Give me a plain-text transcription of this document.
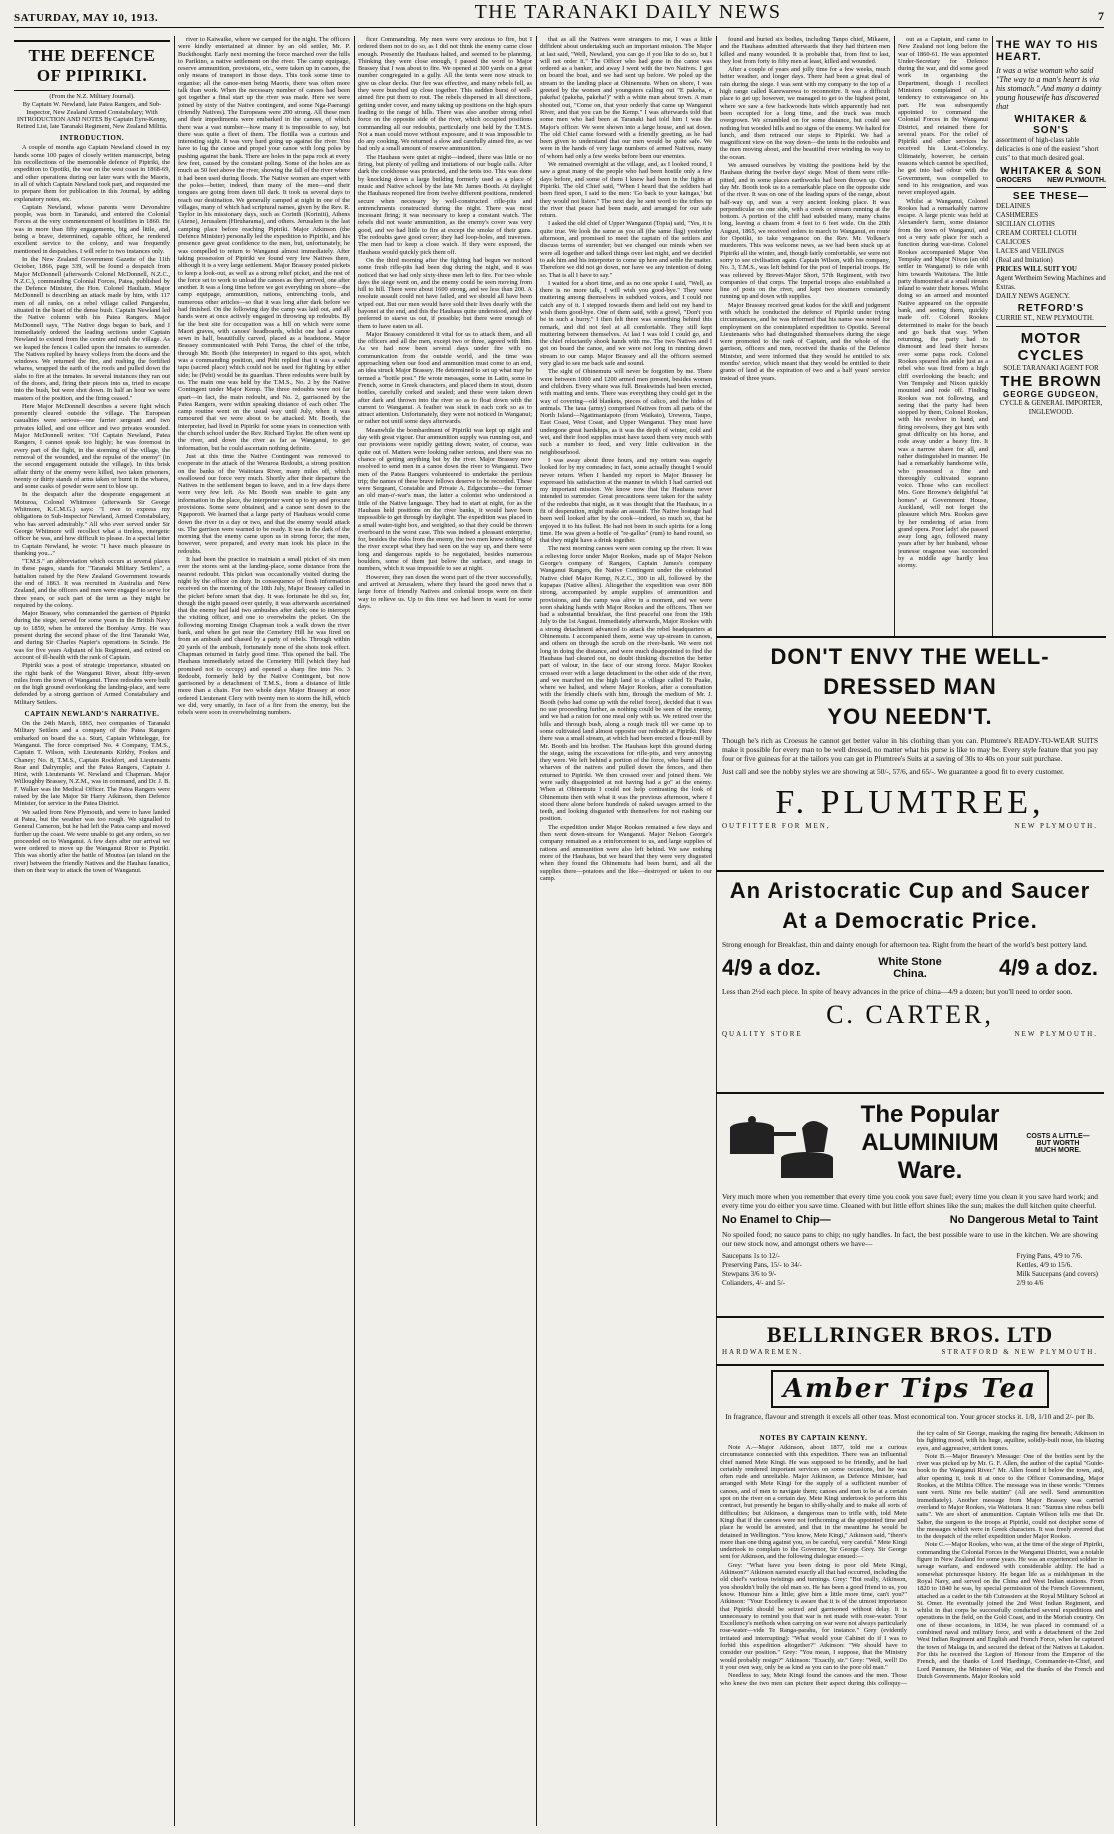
SATURDAY, MAY 10, 1913.	THE TARANAKI DAILY NEWS	7
THE DEFENCE OF PIPIRIKI.

(From the N.Z. Military Journal).

By Captain W. Newland, late Patea Rangers, and Sub-Inspector, New Zealand Armed Constabulary; With INTRODUCTION AND NOTES By Captain Eyre-Kenny, Retired List, late Taranaki Regiment, New Zealand Militia.

INTRODUCTION.

A couple of months ago Captain Newland closed in my hands some 100 pages of closely written manuscript, being his recollections of the memorable defence of Pipiriki, the expedition to Opotiki, the war on the west coast in 1868-69, and other operations during our later wars with the Maoris, in all of which Captain Newland took part, and requested me to prepare them for publication in this Journal, by adding explanatory notes, etc.

Captain Newland, whose parents were Devonshire people, was born in Taranaki, and entered the Colonial Forces at the very commencement of hostilities in 1860. He was in more than fifty engagements, big and little, and, being a brave, determined, capable officer, he rendered excellent service to the colony, and was frequently mentioned in despatches. I will refer to two instances only.

In the New Zealand Government Gazette of the 11th October, 1866, page 339, will be found a despatch from Major McDonnell (afterwards Colonel McDonnell, N.Z.C., N.Z.C.), commanding Colonial Forces, Patea, published by the Defence Minister, the Hon. Colonel Haultain. Major McDonnell is describing an attack made by him, with 117 men of all ranks, on a rebel village called Pungarehu, situated in the heart of the dense bush. Captain Newland led the Native column with his Patea Rangers. Major McDonnell says, "The Native dogs began to bark, and I immediately ordered the leading sections under Captain Newland to extend from the centre and rush the village. As we leaped the fences I called upon the inmates to surrender. The Natives replied by heavy volleys from the doors and the windows. We returned the fire, and rushing the fortified whares, wrapped the earth of the roofs and pulled down the slabs to fire at the inmates. In several instances they ran out of the doors, and, firing their pieces into us, tried to escape into the bush, but were shot down. In half an hour we were masters of the position, and the firing ceased."

Here Major McDonnell describes a severe fight which presently cleared outside the village. The European casualties were serious—one farrier sergeant and two privates killed, and one officer and two privates wounded. Major McDonnell writes: "Of Captain Newland, Patea Rangers, I cannot speak too highly; he was foremost in every part of the fight, in the storming of the village, the removal of the wounded, and the repulse of the enemy" (in the second engagement outside the village). In this brisk affair thirty of the enemy were killed, two taken prisoners, twenty or thirty stands of arms taken or burnt in the whares, and some casks of powder were sent to blow up.

In the despatch after the desperate engagement at Moturoa, Colonel Whitmore (afterwards Sir George Whitmore, K.C.M.G.) says: "I owe to express my obligations to Sub-Inspector Newland, Armed Constabulary, who has served admirably." All who ever served under Sir George Whitmore will recollect what a tireless, energetic officer he was, and how difficult to please. In a special letter to Captain Newland, he wrote: "I have much pleasure in thanking you..."

"T.M.S." an abbreviation which occurs at several places in these pages, stands for "Taranaki Military Settlers", a battalion raised by the New Zealand Government towards the end of 1863. It was recruited in Australia and New Zealand, and the officers and men were engaged to serve for three years, or such part of the term as they might be required by the colony.

Major Brassey, who commanded the garrison of Pipiriki during the siege, served for some years in the British Navy up to 1859, when he entered the Bombay Army. He was present during the second phase of the first Taranaki War, and during Sir Charles Napier's operations in Scinde. He was for five years Adjutant of his Regiment, and retired on account of ill-health with the rank of Captain.

Pipiriki was a post of strategic importance, situated on the right bank of the Wanganui River, about fifty-seven miles from the town of Wanganui. Three redoubts were built on the high ground overlooking the landing-place, and were defended by a strong garrison of Armed Constabulary and Military Settlers.

CAPTAIN NEWLAND'S NARRATIVE.

On the 24th March, 1865, two companies of Taranaki Military Settlers and a company of the Patea Rangers embarked on board the s.s. Sturt, Captain Whitelegge, for Wanganui. The force comprised No. 4 Company, T.M.S., Captain T. Wilson, with Lieutenants Kirkby, Fookes and Chaney; No. 8, T.M.S., Captain Rockfort, and Lieutenants Rear and Dalrymple; and the Patea Rangers, Captain J. Hirst, with Lieutenants W. Newland and Chapman. Major Willoughby Brassey, N.Z.M., was in command, and Dr. J. B. F. Walker was the Medical Officer. The Patea Rangers were raised by the late Major Sir Harry Atkinson, then Defence Minister, for service in the Patea District.

We sailed from New Plymouth, and were to have landed at Patea, but the weather was too rough. We signalled to General Cameron, but he had left the Patea camp and moved further up the coast. We were unable to get any orders, so we proceeded on to Wanganui. A few days after our arrival we were ordered to move up the Wanganui River to Pipiriki. This was shortly after the battle of Moutoa (an island on the river) between the friendly Natives and the Hauhau fanatics, then on their way to attack the town of Wanganui.

river to Kaiwaike, where we camped for the night. The officers were kindly entertained at dinner by an old settler, Mr. P. Buckthought. Early next morning the force marched over the hills to Parikino, a native settlement on the river. The camp equipage, reserve ammunition, provisions, etc., were taken up in canoes, the only means of transport in those days. This took some time to organise; all the canoe-men being Maoris, there was often more talk than work. When the necessary number of canoes had been got together a final start up the river was made. Here we were joined by sixty of the Native contingent, and some Nga-Paerangi (friendly Natives). The Europeans were 200 strong. All these men and their impediments were embarked in the canoes, of which there was a vast number—how many it is impossible to say, but there was quite a fleet of them. The flotilla was a curious and interesting sight. It was very hard going up against the river. You have to lug the canoe and propel your canoe with long poles by pushing against the bank. There are holes in the papa rock at every few feet, caused by the constant poling. Some of the holes are as much as 50 feet above the river, showing the fall of the river where it had been used during floods. The Native women are expert with the poles—better, indeed, than many of the men—and their tongues are going from dawn till dark. It took us several days to reach our destination. We generally camped at night in one of the villages, many of which had scriptural names, given by the Rev. R. Taylor in his missionary days, such as Corinth (Koriniti), Athens (Atene), Jerusalem (Hiruharama), and others. Jerusalem is the last camping place before reaching Pipiriki. Major Atkinson (the Defence Minister) personally led the expedition to Pipiriki, and his presence gave great confidence to the men, but, unfortunately, he was compelled to return to Wanganui almost immediately. After taking possession of Pipiriki we found very few Natives there, although it is a very large settlement. Major Brassey posted pickets to keep a look-out, as well as a strong relief picket, and the rest of the force set to work to unload the canoes as they arrived, one after another. It was a long time before we got everything on shore—the camp equipage, ammunition, rations, entrenching tools, and numerous other articles—so that it was long after dark before we had finished. On the following day the camp was laid out, and all hands were at once actively engaged in throwing up redoubts. By far the best site for occupation was a hill on which were some Maori graves, with canoes' headboards, whilst one had a canoe sewn in half, beautifully carved, placed as a headstone. Major Brassey communicated with Pehi Turoa, the chief of the tribe, through Mr. Booth (the interpreter) in regard to this spot, which was a commanding position, and Pehi replied that it was a wahi tapu (sacred place) which could not be used for fighting by either side; he (Pehi) would be its guardian. Three redoubts were built by us. The main one was held by the T.M.S., No. 2 by the Native Contingent under Major Kemp. The three redoubts were not far apart—in fact, the main redoubt, and No. 2, garrisoned by the Patea Rangers, were within speaking distance of each other. The camp routine went on the usual way until July, when it was rumoured that we were about to be attacked. Mr. Booth, the interpreter, had lived in Pipiriki for some years in connection with the church school under the Rev. Richard Taylor. He often went up the river, and down the river as far as Wanganui, to get information, but he could ascertain nothing definite.

Just at this time the Native Contingent was removed to cooperate in the attack of the Weraroa Redoubt, a strong position on the banks of the Waitotara River, many miles off, which swallowed our force very much. Shortly after their departure the Natives in the settlement began to leave, and in a few days there were very few left. As Mr. Booth was unable to gain any information in the place, the interpreter went up to try and procure provisions. Some were obtained, and a canoe sent down to the Ngaporoti. We learned that a large party of Hauhaus would come down the river in a day or two, and that the enemy would attack us. The garrison were warned to be ready. It was in the dark of the morning that the enemy came upon us in strong force; the men, however, were prepared, and every man took his place in the redoubts.

It had been the practice to maintain a small picket of six men over the stores sent at the landing-place, some distance from the nearest redoubt. This picket was occasionally visited during the night by the officer on duty. In consequence of fresh information received on the morning of the 18th July, Major Brassey called in the picket before smart that day. It was fortunate he did so, for, though the night passed over quietly, it was afterwards ascertained that the enemy had laid two ambushes after dark; one to intercept the visiting officer, and one to overwhelm the picket. On the following morning Ensign Chapman took a walk down the river bank, and when he got near the Cemetery Hill he was fired on from an ambush and chased by a party of rebels. Through within 20 yards of the ambush, fortunately none of the shots took effect. Chapman returned in fairly good time. This opened the ball. The Hauhaus immediately seized the Cemetery Hill (which they had promised not to occupy) and opened a sharp fire into No. 3 Redoubt, formerly held by the Native Contingent, but now garrisoned by a detachment of T.M.S., from a distance of little more than a chain. For two whole days Major Brassey at once ordered Lieutenant Clery with twenty men to storm the hill, which we did, very smartly, in face of a fire from the enemy, but the rebels were soon in overwhelming numbers.

ficer Commanding. My men were very anxious to fire, but I ordered them not to do so, as I did not think the enemy came close enough. Presently the Hauhaus halted, and seemed to be planning. Thinking they were close enough, I passed the word to Major Brassey that I was about to fire. We opened at 300 yards on a great number congregated in a gully. All the tents were now struck to give us clear decks. Our fire was effective, and many rebels fell, as they were bunched up close together. This sudden burst of well-aimed fire put them to rout. The rebels dispersed in all directions, getting under cover, and many taking up positions on the high spurs leading to the range of hills. There was also another strong rebel force on the opposite side of the river, which occupied positions commanding all our redoubts, particularly one held by the T.M.S. Not a man could move without exposure, and it was impossible to do any cooking. We returned a slow and carefully aimed fire, as we had only a small amount of reserve ammunition.

The Hauhaus were quiet at night—indeed, there was little or no firing, but plenty of yelling and imitations of our bugle calls. After dark the cookhouse was protected, and the tents too. This was done by knocking down a large building formerly used as a place of music and Native school by the late Mr. James Booth. At daylight the Hauhaus reopened fire from twelve different positions, rendered secure when necessary by well-constructed rifle-pits and entrenchments constructed during the night. There was most incessant firing; it was necessary to keep a constant watch. The rebels did not waste ammunition, as the enemy's cover was very good, and we had little to fire at except the smoke of their guns. The redoubts gave good cover; they had loop-holes, and traverses. The men had to keep a close watch. If they were exposed, the Hauhaus would quickly pick them off.

On the third morning after the fighting had begun we noticed some fresh rifle-pits had been dug during the night, and it was noticed that we had only sixty-three men left to fire. For two whole days the siege went on, and the enemy could be seen moving from hill to hill. There were about 1600 strong, and we less than 200. A resolute assault could not have failed, and we should all have been wiped out. But our men would have sold their lives dearly with the bayonet at the end, and this the Hauhaus quite understood, and they preferred to starve us out, if possible; but there were enough of them to have eaten us all.

Major Brassey considered it vital for us to attack them, and all the officers and all the men, except two or three, agreed with him. As we had now been several days under fire with no communication from the outside world, and the time was approaching when our food and ammunition must come to an end, an idea struck Major Brassey. He determined to set up what may be termed a "bottle post." He wrote messages, some in Latin, some in French, some in Greek characters, and placed them in stout, dozen bottles, carefully corked and sealed; and these were taken down after dark and thrown into the river so as to float down with the current to Wanganui. A feather was stuck in each cork so as to attract attention. Unfortunately, they were not noticed in Wanganui; or rather not until some days afterwards.

Meanwhile the bombardment of Pipiriki was kept up night and day with great vigour. Our ammunition supply was running out, and our provisions were rapidly getting down; water, of course, was quite out of. Matters were looking rather serious, and there was no chance of getting anything but by the river. Major Brassey now resolved to send men in a canoe down the river to Wanganui. Two men of the Patea Rangers volunteered to undertake the perilous trip; the names of these brave fellows deserve to be recorded. These were Sergeant, Constable and Private A. Edgecumbe—the former an old man-o'-war's man, the latter a colonist who understood a little of the Native language. They had to start at night, for as the Hauhaus held positions on the river banks, it would have been impossible to get through by daylight. The expedition was placed in a small water-tight box, and weighted, so that they could be thrown overboard in the worst case. This was indeed a pleasant enterprise, for, besides the risks from the enemy, the two men knew nothing of the river except what they had seen on the way up, and there were long and dangerous rapids to be negotiated, besides numerous boulders, some of them just below the surface, and snags in numbers, which it was impossible to see at night.

However, they ran down the worst part of the river successfully, and arrived at Jerusalem, where they heard the good news that a large force of friendly Natives and colonial troops were on their way to relieve us. Up to this time we had been in want for some days.

that as all the Natives were strangers to me, I was a little diffident about undertaking such an important mission. The Major at last said, "Well, Newland, you can go if you like to do so, but I will not order it." The Officer who had gone in the canoe was ordered as a banker, and away I went with the two Natives. I got on board the boat, and we had sent up before. We poled up the stream to the landing place at Ohinemutu. When on shore, I was greeted by the women and youngsters calling out "E pakeha, e pakeha! (pakeha, pakeha!)" with a white man about town. A man shouted out, "Come on, that your orderly that came up Wanganui River, and that you can be the Kemp." I was afterwards told that some men who had been at Taranaki had told him I was the Major's officer. We were shown into a large house, and sat down. The old Chief came forward with a friendly greeting, as he had been given to understand that our men would be quite safe. We were in the hands of very large numbers of armed Natives, many of whom had only a few weeks before been our enemies.

We remained overnight at the village, and, as I looked round, I saw a great many of the people who had been hostile only a few days before, and some of them I knew had been in the fights at Pipiriki. The old Chief said, "When I heard that the soldiers had been fired upon, I said to the men: 'Go back to your kaingas,' but they would not listen." The next day he sent word to the tribes up the river that peace had been made, and arranged for our safe return.

I asked the old chief of Upper Wanganui (Topia) said, "Yes, it is quite true. We look the same as you all (the same flag) yesterday afternoon, and promised to meet the captain of the settlers and discuss terms of surrender; but we changed our minds when we were all together and talked things over last night, and we decided to ask him and his interpreter to come up here and settle the matter. Therefore we did not go down, nor have we any intention of doing so. That is all I have to say."

I waited for a short time, and as no one spoke I said, "Well, as there is no more talk, I will wish you good-bye." They were muttering among themselves in subdued voices, and I could not catch any of it. I stepped towards them and held out my hand to wish them good-bye. One of them said, with a growl, "Don't you be in such a hurry." I then felt there was something behind this remark, and did not feel at all comfortable. They still kept muttering between themselves. At last I was told I could go, and the chief reluctantly shook hands with me. The two Natives and I got on board the canoe, and we were not long in running down stream to our camp. Major Brassey and all the officers seemed very glad to see me back safe and sound.

The sight of Ohinemutu will never be forgotten by me. There were between 1000 and 1200 armed men present, besides women and children. Every whare was full. Breakwinds had been erected, with matting and tents. There was everything they could get in the way of covering—old blankets, pieces of calico, and the hides of animals. The taua (army) comprised Natives from all parts of the North Island—Ngatimaniapoto (from Waikato), Urewera, Taupo, East Coast, West Coast, and Upper Wanganui. They must have undergone great hardships, as it was the depth of winter, cold and wet, and their food supplies must have taxed them very much with such a number to feed, and very little cultivation in the neighbourhood.

I was away about three hours, and my return was eagerly looked for by my comrades; in fact, some actually thought I would never return. When I handed my report to Major Brassey he expressed his satisfaction at the manner in which I had carried out my important mission. We know now that the Hauhaus never intended to surrender. Great precautions were taken for the safety of the redoubts that night, as it was thought that the Hauhaus, in a fit of desperation, might make an assault. The Native hostage had been well looked after by the cook—indeed, so much so, that he enjoyed it to his fullest. He had not been in such spirits for a long time. He was given a bottle of "re-gallus" (rum) to hand round, so that they might have a drink together.

The next morning canoes were seen coming up the river. It was a relieving force under Major Rookes, made up of Major Nelson George's company of Rangers, Captain James's company Wanganui Rangers, the Native Contingent under the celebrated Native chief Major Kemp, N.Z.C., 300 in all, followed by the kupapas (Native allies). Altogether the expedition was over 800 strong, accompanied by ample supplies of ammunition and provisions, and the camp was alive in a moment, and we were soon shaking hands with Major Rookes and the officers. Then we had a substantial breakfast, the first peaceful one from the 19th July to the 1st August. Immediately afterwards, Major Rookes with a strong detachment advanced to attack the rebel headquarters at Ohinemutu. I accompanied them, some way up-stream in canoes, and others on through the scrub on the river-bank. We were not long in doing the distance, and were much disappointed to find the Hauhaus had cleared out, no doubt thinking discretion the better part of valour, in the face of our strong force. Major Rookes crossed over with a large detachment to the other side of the river, and we marched on the high land to a village called Te Puake, where we halted, and where Major Rookes, after a consultation with the friendly chiefs with him, through the medium of Mr. J. Booth (who had come up with the relief force), decided that it was no use proceeding further, as nothing could be seen of the enemy, and we had a ration for one meal only with us. We retired over the hills and through bush, along a rough track till we came up to some cultivated land almost opposite our redoubt at Pipiriki. Here there was a small stream, at which had been erected a flour-mill by Mr. Booth and his brother. The Hauhaus kept this ground during the siege, using the excavations for rifle-pits, and very annoying they were. We left behind a portion of the force, who burnt all the wharves of the natives and pulled down the fences, and then returned to Pipiriki. We then crossed over and joined them. We were sadly disappointed at not having had a go" at the enemy. When at Ohinemutu I could not help contrasting the look of Ohinemutu then with what it was the previous afternoon, where I stood there alone before hundreds of naked savages armed to the teeth, and looking disgusted with themselves for not rushing our position.

The expedition under Major Rookes remained a few days and then went down-stream for Wanganui. Major Nelson George's company remained as a reinforcement to us, and large supplies of rations and ammunition were also left behind. We saw nothing more of the Hauhaus, but we heard that they were very disgusted when they found the Ohinemutu had been burnt, and all the supplies there—potatoes and the like—destroyed or taken to our camp.

found and buried six bodies, including Tanpo chief, Mikaere, and the Hauhaus admitted afterwards that they had thirteen men killed and many wounded. It is probable that, from first to last, they lost from forty to fifty men at least, killed and wounded.

After a couple of years and jolly time for a few weeks, much better weather, and longer days. There had been a great deal of rain during the siege. I was sent with my company to the top of a high range called Karewarewa to reconnoitre. It was a difficult place to get up; however, we managed to get to the highest point, where we saw a few backwoods huts which apparently had not been occupied for a long time, and the track was much overgrown. We scrambled on for some distance, but could see nothing but wooded hills and no signs of the enemy. We halted for lunch, and then retraced our steps to Pipiriki. We had a magnificent view on the way down—the tents in the redoubts and the men moving about, and the beautiful river winding its way to the ocean.

We amused ourselves by visiting the positions held by the Hauhaus during the twelve days' siege. Most of them were rifle-pitted, and in some places earthworks had been thrown up. One day Mr. Booth took us to a remarkable place on the opposite side of the river. It was on one of the leading spurs of the range, about half-way up, and was a very ancient looking place. It was perpendicular on one side, with a creek or stream running at the bottom. A portion of the cliff had subsided many, many chains long, leaving a chasm from 4 feet to 6 feet wide. On the 20th August, 1865, we received orders to march to Wanganui, en route for Opotiki, to take vengeance on the Rev. Mr. Volkner's murderers. This was welcome news, as we had been stuck up at Pipiriki all the winter, and, though fairly comfortable, we were not sorry to see civilisation again. Captain Wilson, with his company, No. 3, T.M.S., was left behind for the post of Imperial troops. He was relieved by Brevet-Major Short, 57th Regiment, with two companies of that corps. The Imperial troops also established a line of posts on the river, and kept two steamers constantly running up and down with supplies.

Major Brassey received great kudos for the skill and judgment with which he conducted the defence of Pipiriki under trying circumstances, and he was informed that his name was noted for employment on the contemplated expedition to Opotiki. Several Lieutenants who had distinguished themselves during the siege were promoted to the rank of Captain, and the whole of the garrison, officers and men, received the thanks of the Defence Minister, and were informed that they would be entitled to six months' service, which meant that they would be entitled to their grants of land at the expiration of two and a half years' service instead of three years.

out as a Captain, and came to New Zealand not long before the war of 1860-61. He was appointed Under-Secretary for Defence during the war, and did some good work in organising the Department, though I recollect Ministers complained of a tendency to extravagance on his part. He was subsequently appointed to command the Colonial Forces in the Wanganui District, and retained there for several years. For the relief of Pipiriki and other services he received his Lieut.-Colonelcy. Ultimately, however, he certain reasons which cannot be specified, he got into bad odour with the Government, was compelled to send in his resignation, and was never employed again.

Whilst at Wanganui, Colonel Rookes had a remarkably narrow escape. A large picnic was held at Alexander's farm, some distance from the town of Wanganui, and not a very safe place for such a function during war-time. Colonel Rookes accompanied Major Von Tempsky and Major Nixon (an old settler in Wanganui) to ride with him towards Waitotara. The little party dismounted at a small stream inland to water their horses. Whilst doing so an armed and mounted Native appeared on the opposite bank, and seeing them, quickly made off. Colonel Rookes determined to make for the beach and go back that way. When returning, the party had to dismount and lead their horses over some papa rock. Colonel Rookes speared his ankle just as a rebel who was fired from a high cliff overlooking the beach; and Von Tempsky and Nixon quickly mounted and rode off. Finding Rookes was not following, and seeing that the party had been stopped by them, Colonel Rookes, with his revolver in hand, and firing revolvers, they got him with great difficulty on his horse, and rode away under a heavy fire. It was a narrow shave for all, and rather distinguished in manner. He had a remarkably handsome wife, who possessed a fine and thoroughly cultivated soprano voice. Those who can recollect Mrs. Gore Browne's delightful "at homes" at Government House, Auckland, will not forget the pleasure which Mrs. Rookes gave by her rendering of arias from grand opera. Poor lady! she passed away long ago, followed many years after by her husband, whose jeunesse orageuse was succeeded by a middle age hardly less stormy.

THE WAY TO HIS HEART.
It was a wise woman who said "The way to a man's heart is via his stomach." And many a dainty young housewife has discovered that
WHITAKER & SON'S
assortment of high-class table delicacies is one of the easiest "short cuts" to that much desired goal.
WHITAKER & SON
GROCERS NEW PLYMOUTH.
SEE THESE—
DELAINES
CASHMERES
SICILIAN CLOTHS
CREAM CORTELI CLOTH
CALICOES
LACES and VEILINGS
(Real and Imitation)
PRICES WILL SUIT YOU
Agent Wertheim Sewing Machines and Extras.
DAILY NEWS AGENCY.
RETFORD'S
CURRIE ST., NEW PLYMOUTH.
MOTOR CYCLES
SOLE TARANAKI AGENT FOR
THE BROWN
GEORGE GUDGEON,
CYCLE & GENERAL IMPORTER, INGLEWOOD.
DON'T ENVY THE WELL-DRESSED MAN
YOU NEEDN'T.
Though he's rich as Croesus he cannot get better value in his clothing than you can. Plumtree's READY-TO-WEAR SUITS make it possible for every man to be well dressed, no matter what his purse is like to may be. Every style feature that you pay four or five guineas for at the tailors you can get in Plumtree's Suits at a saving of 30s to 40s on your suit purchase.
Just call and see the nobby styles we are showing at 50/-, 57/6, and 65/-. We guarantee a good fit to every customer.
F. PLUMTREE,
OUTFITTER FOR MEN,	NEW PLYMOUTH.
An Aristocratic Cup and Saucer
At a Democratic Price.
Strong enough for Breakfast, thin and dainty enough for afternoon tea. Right from the heart of the world's best pottery land.
4/9 a doz.	White Stone
China.	4/9 a doz.
Less than 2½d each piece. In spite of heavy advances in the price of china—4/9 a dozen; but you'll need to order soon.
C. CARTER,
QUALITY STORE	NEW PLYMOUTH.
The Popular
ALUMINIUM
Ware.
COSTS A LITTLE—
BUT WORTH
MUCH MORE.
Very much more when you remember that every time you cook you save fuel; every time you clean it you save hard work; and every time you do either you save time. Cleaned with but little effort shines like the sun; makes the dull kitchen quite cheerful.
No Enamel to Chip—	No Dangerous Metal to Taint
No spoiled food; no sauce pans to chip; no ugly handles. In fact, the best possible ware to use in the kitchen. We are showing our new stock now, and amongst others we have—
Saucepans 1s to 12/-
Preserving Pans, 15/- to 34/-
Stewpans 3/6 to 9/-
Colianders, 4/- and 5/-
Frying Pans, 4/9 to 7/6.
Kettles, 4/9 to 15/6.
Milk Saucepans (and covers)
2/9 to 4/6
BELLRINGER BROS. LTD
HARDWAREMEN.	STRATFORD & NEW PLYMOUTH.
Amber Tips Tea
In fragrance, flavour and strength it excels all other teas. Most economical too. Your grocer stocks it. 1/8, 1/10 and 2/- per lb.
NOTES BY CAPTAIN KENNY.

Note A.—Major Atkinson, about 1877, told me a curious circumstance connected with this expedition. There was an influential chief named Mete Kingi. He was supposed to be friendly, and he had certainly rendered important services on some occasions, but he was often rude and unreliable. Major Atkinson, as Defence Minister, had arranged with Mete Kingi for the supply of a sufficient number of canoes, and of men to navigate them; canoes and men to be at a certain spot on the river on a certain day. Mete Kingi undertook to perform this contract, but presently he began to shilly-shally and to make all sorts of difficulties; but Atkinson, a dangerous man to trifle with, told Mete Kingi that if the canoes were not forthcoming at the appointed time and place he would be arrested, and that in the meantime he would be detained in Wellington. "You know, Mete Kingi," Atkinson said, "there's more than one thing against you, so be careful, very careful." Mete Kingi undertook to complain to the Governor, Sir George Grey. Sir George sent for Atkinson, and the following dialogue ensued:—

Grey: "What have you been doing to poor old Mete Kingi, Atkinson?" Atkinson narrated exactly all that had occurred, including the old chief's various twistings and turnings. Grey: "But really, Atkinson, you shouldn't bully the old man so. He has been a good friend to us, you know. Humour him a little; give him a little more time, can't you?" Atkinson: "Your Excellency is aware that it is of the utmost importance that Pipiriki should be seized and garrisoned without delay. It is unnecessary to remind you that war is not made with rose-water. Your Excellency's methods when carrying on war were not always particularly rose-water—vide Te Ranga-parahu, for instance." Grey (evidently irritated and interrupting): "What would your Cabinet do if I was to forbid this expedition altogether?" Atkinson: "We should have to consider our position." Grey: "You mean, I suppose, that the Ministry would probably resign?" Atkinson: "Exactly, sir." Grey: "Well, well! Do it your own way, only be as kind as you can to the poor old man."

Needless to say, Mete Kingi found the canoes and the men. Those who knew the two men can picture their aspect during this colloquy—the icy calm of Sir George, masking the raging fire beneath; Atkinson in his fighting mood, with his huge, aquiline, solidly-built nose, his blazing eyes, and aggressive, strident tones.

Note B.—Major Brassey's Message: One of the bottles sent by the river was picked up by Mr. G. F. Allen, the author of the capital "Guide-book to the Wanganui River." Mr. Allen found it below the town, and, after opening it, took it at once to the Officer Commanding, Major Rookes, at the Militia Office. The message was in these words: "Omnes sunt verti. Nitte res belle stattim" (All are well. Send ammunition immediately). Another message from Major Brassey was carried overland to Major Rookes, via Waitotara. It ran: "Sumus sine rebus belli satis". We are short of ammunition. Captain Wilson tells me that Dr. Salter, the surgeon to the troops at Pipiriki, could not decipher some of the messages which were in Greek characters. It was freely averred that to the despatch of the relief expedition under Major Rookes.

Note C.—Major Rookes, who was, at the time of the siege of Pipiriki, commanding the Colonial Forces in the Wanganui District, was a notable figure in New Zealand for some years. He was an experienced soldier in savage warfare, and endowed with considerable ability. He had a somewhat picturesque history. He began life as a midshipman in the Royal Navy, and served on the China and West Indian stations. From 1820 to 1840 he was, by special permission of the French Government, attached as a cadet to the 6th Cuirassiers at the Royal Military School at St. Omer. He eventually joined the 2nd West Indian Regiment, and whilst in that corps he successfully conducted several expeditions and operations in the field, on the Gold Coast, and in the Moriah country. On one of these occasions, in 1834, he was placed in command of a combined naval and military force, and with a detachment of the 2nd West Indian Regiment and English and French Force, when he captured the town of Malaga in, and secured the defeat of the Natives at Lakadon. For this he received the Legion of Honour from the Emperor of the French, and the thanks of Lord Hardinge, Commander-in-Chief, and Lord Panmure, the Minister of War, and the thanks of the French and Dutch Governments. Major Rookes sold
